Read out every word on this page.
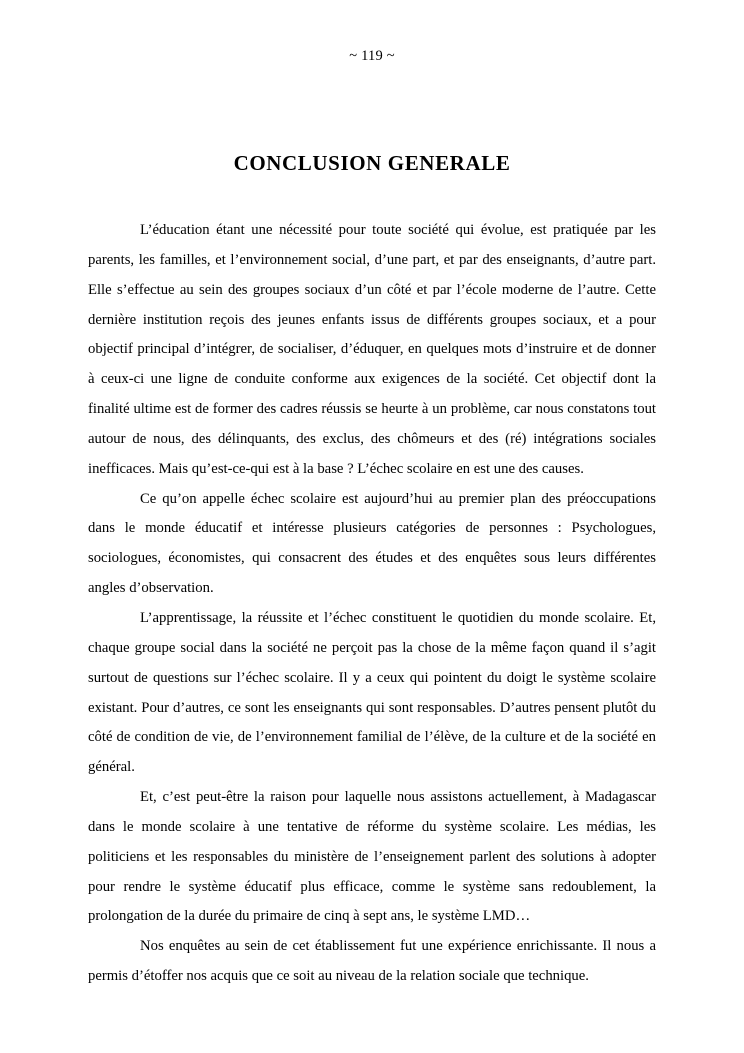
~ 119 ~
CONCLUSION GENERALE

L’éducation étant une nécessité pour toute société qui évolue, est pratiquée par les parents, les familles, et l’environnement social, d’une part, et par des enseignants, d’autre part. Elle s’effectue au sein des groupes sociaux d’un côté et par l’école moderne de l’autre. Cette dernière institution reçois des jeunes enfants issus de différents groupes sociaux, et a pour objectif principal d’intégrer, de socialiser, d’éduquer, en quelques mots d’instruire et de donner à ceux-ci une ligne de conduite conforme aux exigences de la société. Cet objectif dont la finalité ultime est de former des cadres réussis se heurte à un problème, car nous constatons tout autour de nous, des délinquants, des exclus, des chômeurs et des (ré) intégrations sociales inefficaces. Mais qu’est-ce-qui est à la base ? L’échec scolaire en est une des causes.

Ce qu’on appelle échec scolaire est aujourd’hui au premier plan des préoccupations dans le monde éducatif et intéresse plusieurs catégories de personnes : Psychologues, sociologues, économistes, qui consacrent des études et des enquêtes sous leurs différentes angles d’observation.

L’apprentissage, la réussite et l’échec constituent le quotidien du monde scolaire. Et, chaque groupe social dans la société ne perçoit pas la chose de la même façon quand il s’agit surtout de questions sur l’échec scolaire. Il y a ceux qui pointent du doigt le système scolaire existant. Pour d’autres, ce sont les enseignants qui sont responsables. D’autres pensent plutôt du côté de condition de vie, de l’environnement familial de l’élève, de la culture et de la société en général.

Et, c’est peut-être la raison pour laquelle nous assistons actuellement, à Madagascar dans le monde scolaire à une tentative de réforme du système scolaire. Les médias, les politiciens et les responsables du ministère de l’enseignement parlent des solutions à adopter pour rendre le système éducatif plus efficace, comme le système sans redoublement, la prolongation de la durée du primaire de cinq à sept ans, le système LMD…

Nos enquêtes au sein de cet établissement fut une expérience enrichissante. Il nous a permis d’étoffer nos acquis que ce soit au niveau de la relation sociale que technique.
